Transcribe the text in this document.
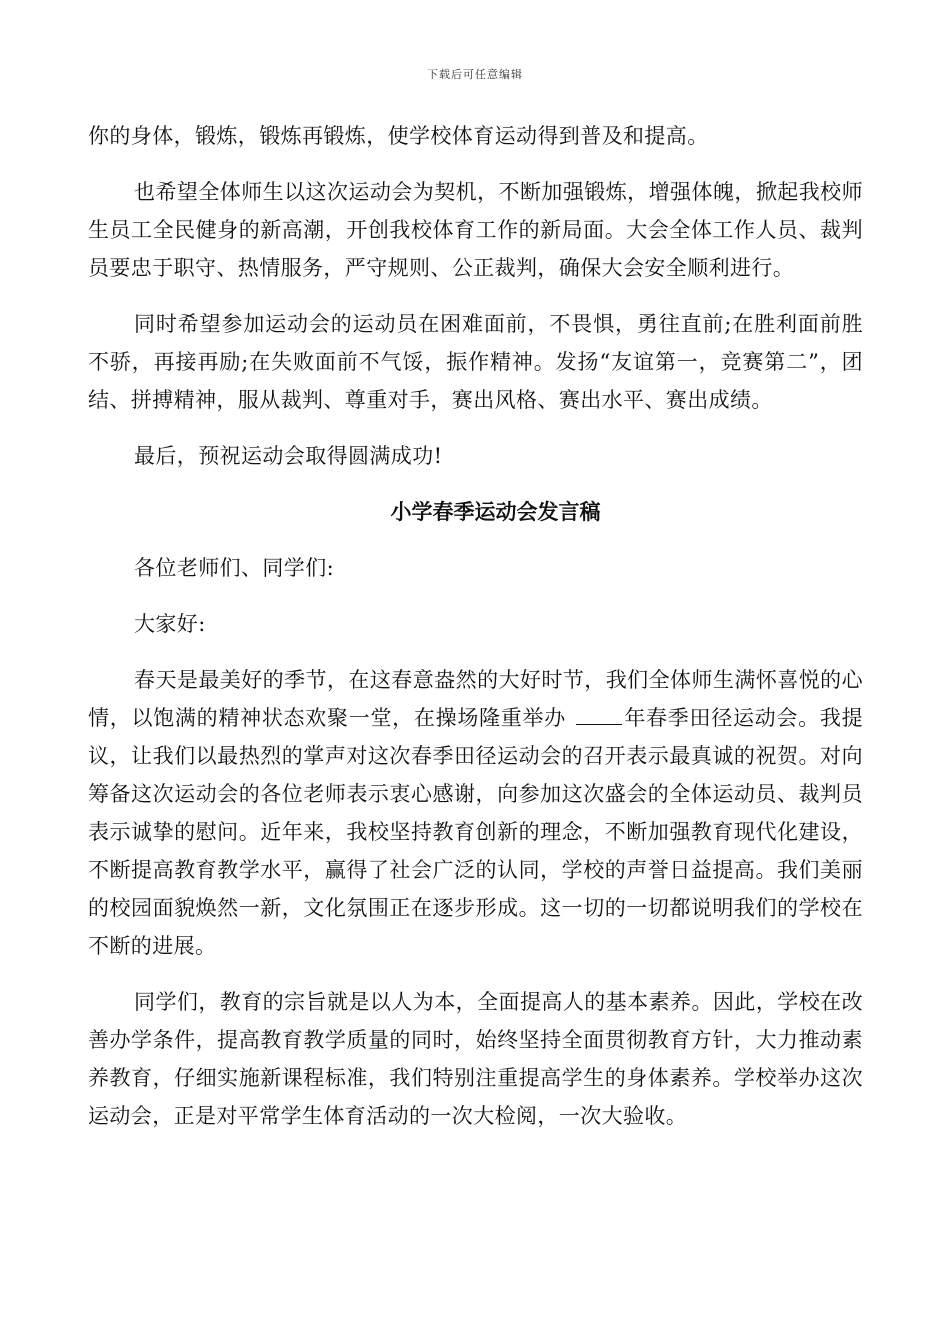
下载后可任意编辑

你的身体，锻炼，锻炼再锻炼，使学校体育运动得到普及和提高。

也希望全体师生以这次运动会为契机，不断加强锻炼，增强体魄，掀起我校师生员工全民健身的新高潮，开创我校体育工作的新局面。大会全体工作人员、裁判员要忠于职守、热情服务，严守规则、公正裁判，确保大会安全顺利进行。

同时希望参加运动会的运动员在困难面前，不畏惧，勇往直前;在胜利面前胜不骄，再接再励;在失败面前不气馁，振作精神。发扬“友谊第一，竞赛第二”，团结、拼搏精神，服从裁判、尊重对手，赛出风格、赛出水平、赛出成绩。

最后，预祝运动会取得圆满成功!

小学春季运动会发言稿

各位老师们、同学们:

大家好:

春天是最美好的季节，在这春意盎然的大好时节，我们全体师生满怀喜悦的心情，以饱满的精神状态欢聚一堂，在操场隆重举办	年春季田径运动会。我提议，让我们以最热烈的掌声对这次春季田径运动会的召开表示最真诚的祝贺。对向筹备这次运动会的各位老师表示衷心感谢，向参加这次盛会的全体运动员、裁判员表示诚挚的慰问。近年来，我校坚持教育创新的理念，不断加强教育现代化建设，不断提高教育教学水平，赢得了社会广泛的认同，学校的声誉日益提高。我们美丽的校园面貌焕然一新，文化氛围正在逐步形成。这一切的一切都说明我们的学校在不断的进展。

同学们，教育的宗旨就是以人为本，全面提高人的基本素养。因此，学校在改善办学条件，提高教育教学质量的同时，始终坚持全面贯彻教育方针，大力推动素养教育，仔细实施新课程标准，我们特别注重提高学生的身体素养。学校举办这次运动会，正是对平常学生体育活动的一次大检阅，一次大验收。
